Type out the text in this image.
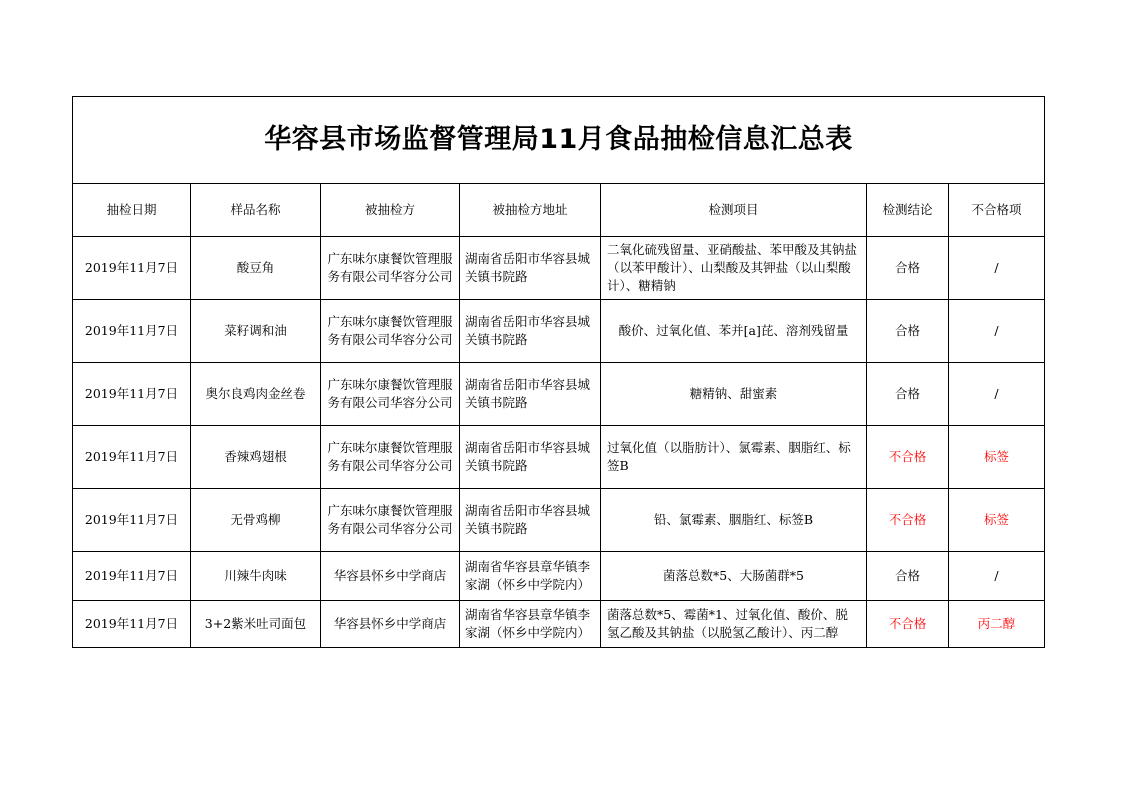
华容县市场监督管理局11月食品抽检信息汇总表						
抽检日期	样品名称	被抽检方	被抽检方地址	检测项目	检测结论	不合格项
2019年11月7日	酸豆角	广东味尔康餐饮管理服务有限公司华容分公司	湖南省岳阳市华容县城关镇书院路	二氧化硫残留量、亚硝酸盐、苯甲酸及其钠盐（以苯甲酸计）、山梨酸及其钾盐（以山梨酸计）、糖精钠	合格	/
2019年11月7日	菜籽调和油	广东味尔康餐饮管理服务有限公司华容分公司	湖南省岳阳市华容县城关镇书院路	酸价、过氧化值、苯并[a]芘、溶剂残留量	合格	/
2019年11月7日	奥尔良鸡肉金丝卷	广东味尔康餐饮管理服务有限公司华容分公司	湖南省岳阳市华容县城关镇书院路	糖精钠、甜蜜素	合格	/
2019年11月7日	香辣鸡翅根	广东味尔康餐饮管理服务有限公司华容分公司	湖南省岳阳市华容县城关镇书院路	过氧化值（以脂肪计）、氯霉素、胭脂红、标签B	不合格	标签
2019年11月7日	无骨鸡柳	广东味尔康餐饮管理服务有限公司华容分公司	湖南省岳阳市华容县城关镇书院路	铅、氯霉素、胭脂红、标签B	不合格	标签
2019年11月7日	川辣牛肉味	华容县怀乡中学商店	湖南省华容县章华镇李家湖（怀乡中学院内）	菌落总数*5、大肠菌群*5	合格	/
2019年11月7日	3+2紫米吐司面包	华容县怀乡中学商店	湖南省华容县章华镇李家湖（怀乡中学院内）	菌落总数*5、霉菌*1、过氧化值、酸价、脱氢乙酸及其钠盐（以脱氢乙酸计）、丙二醇	不合格	丙二醇
